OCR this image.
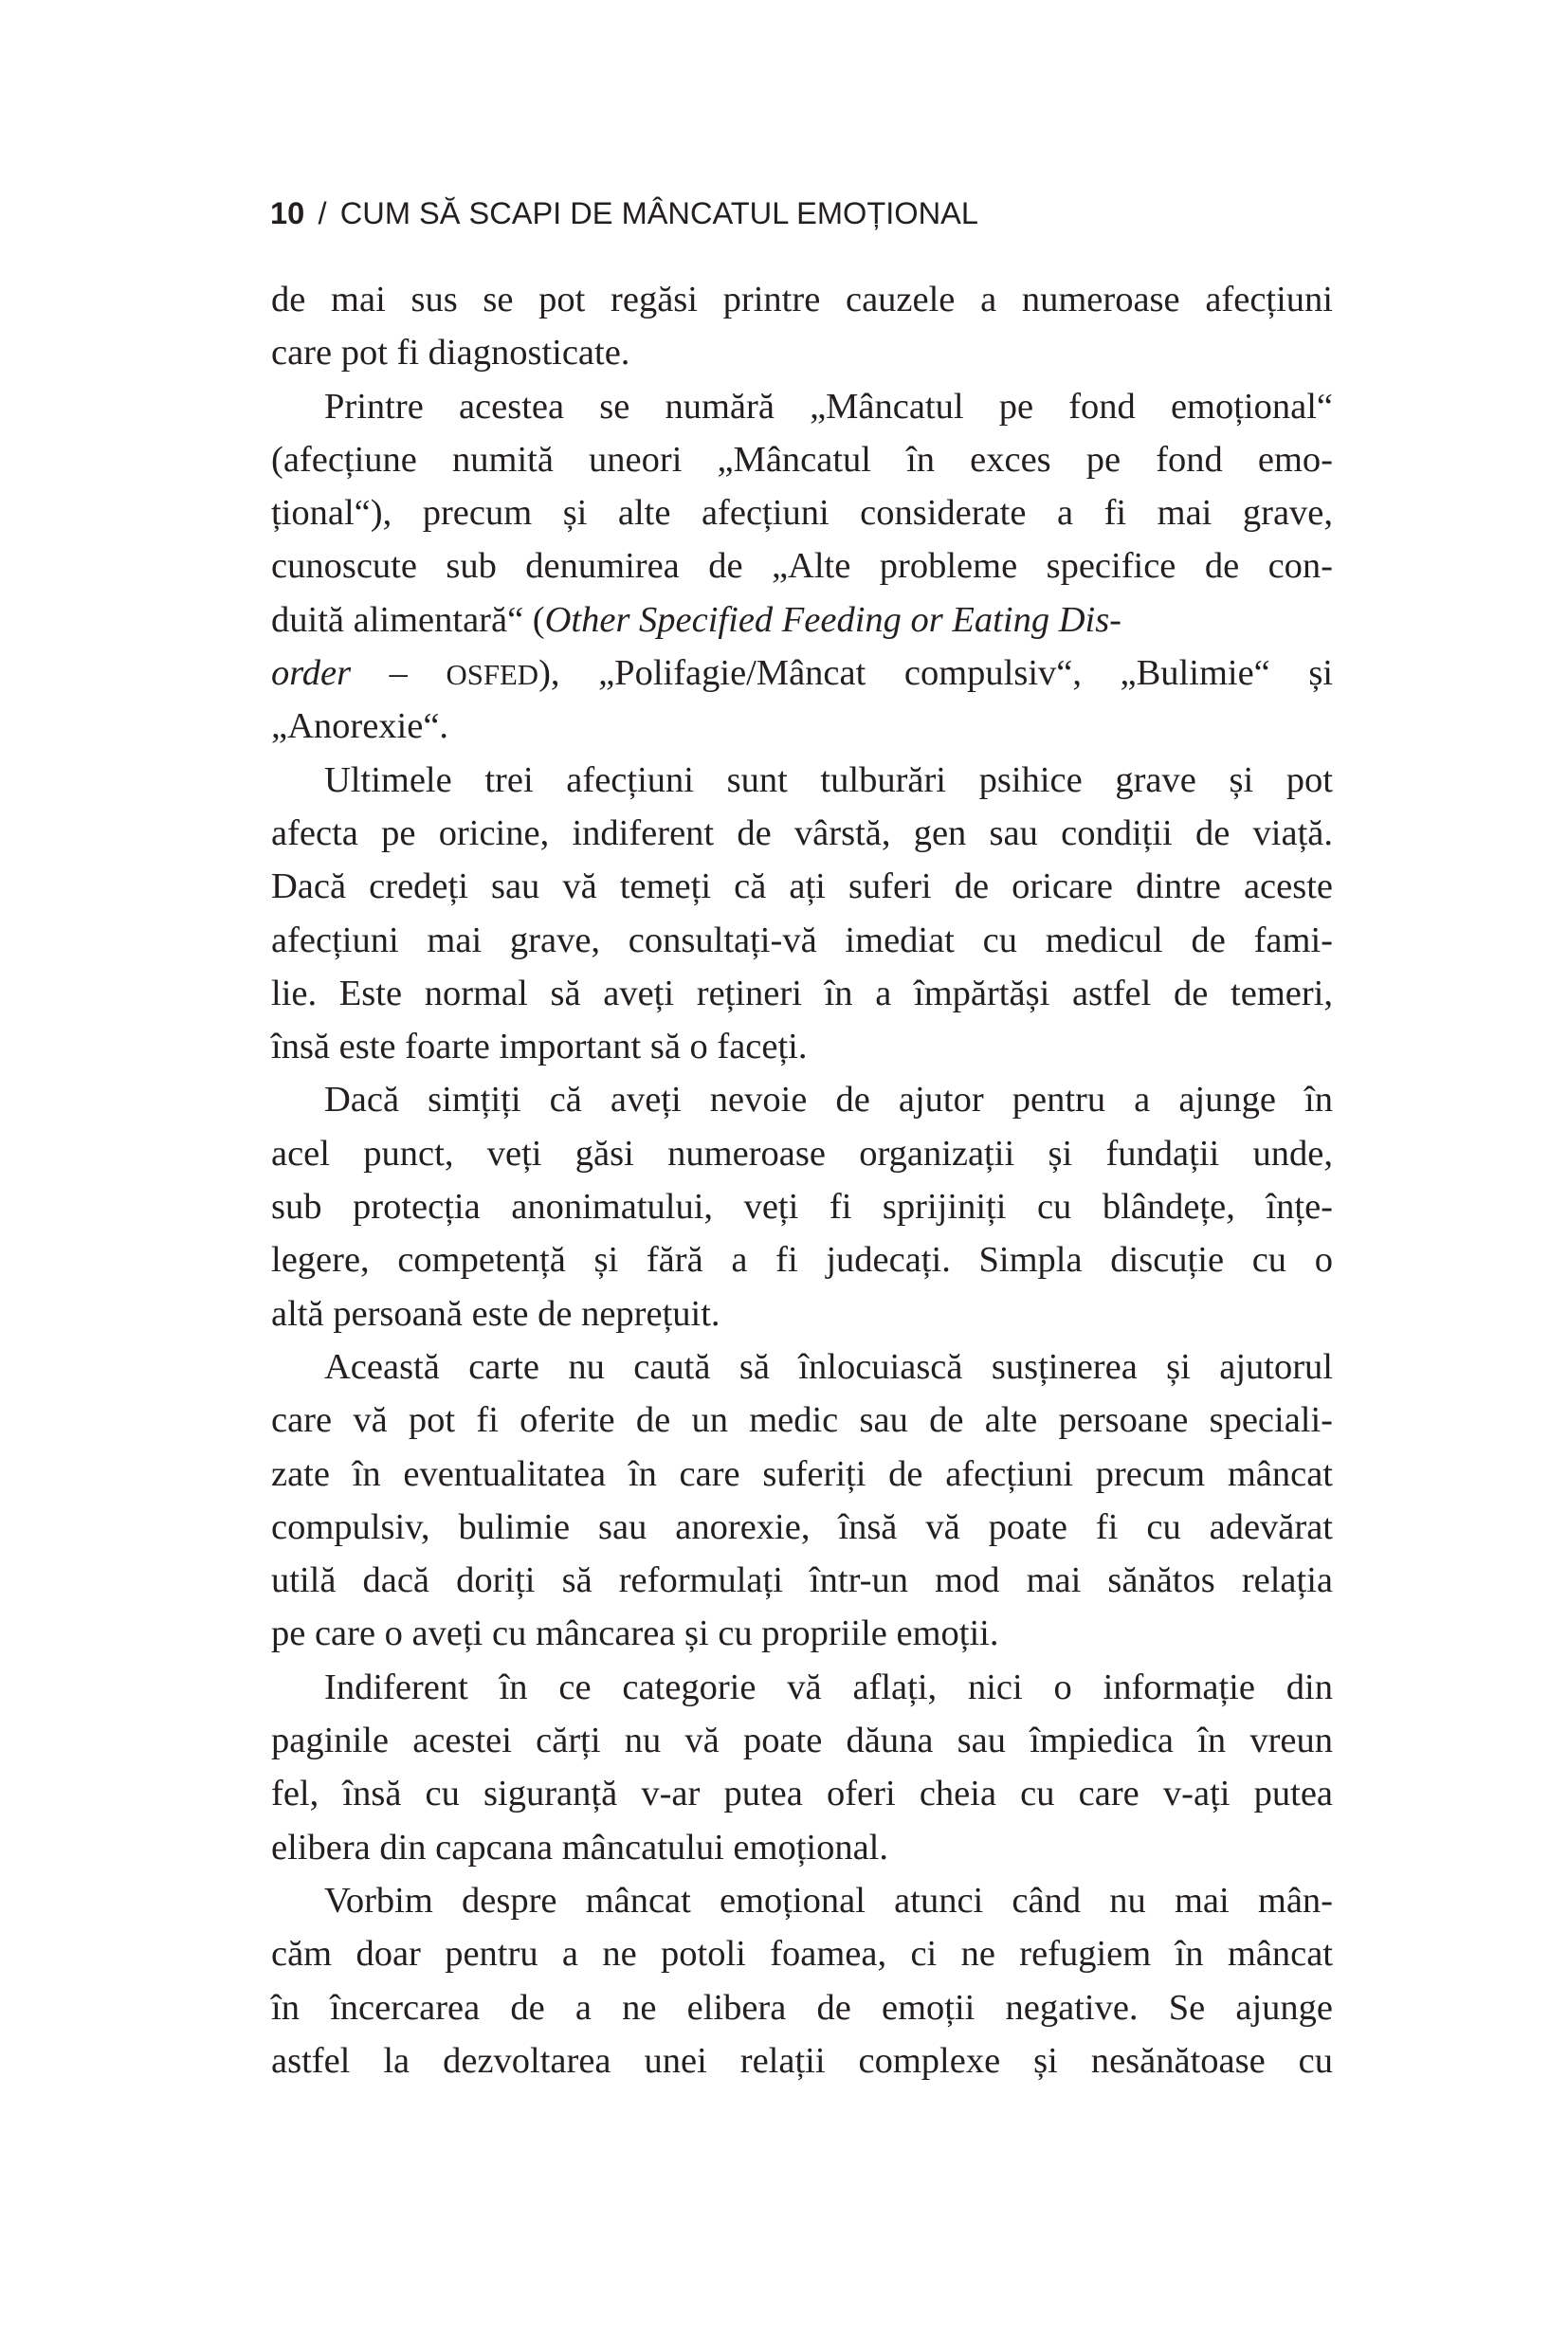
10 / CUM SĂ SCAPI DE MÂNCATUL EMOȚIONAL
de mai sus se pot regăsi printre cauzele a numeroase afecțiuni
care pot fi diagnosticate.
Printre acestea se numără „Mâncatul pe fond emoțional“
(afecțiune numită uneori „Mâncatul în exces pe fond emo-
țional“), precum și alte afecțiuni considerate a fi mai grave,
cunoscute sub denumirea de „Alte probleme specifice de con-
duită alimentară“ (Other Specified Feeding or Eating Dis-
order – OSFED), „Polifagie/Mâncat compulsiv“, „Bulimie“ și
„Anorexie“.
Ultimele trei afecțiuni sunt tulburări psihice grave și pot
afecta pe oricine, indiferent de vârstă, gen sau condiții de viață.
Dacă credeți sau vă temeți că ați suferi de oricare dintre aceste
afecțiuni mai grave, consultați-vă imediat cu medicul de fami-
lie. Este normal să aveți rețineri în a împărtăși astfel de temeri,
însă este foarte important să o faceți.
Dacă simțiți că aveți nevoie de ajutor pentru a ajunge în
acel punct, veți găsi numeroase organizații și fundații unde,
sub protecția anonimatului, veți fi sprijiniți cu blândețe, înțe-
legere, competență și fără a fi judecați. Simpla discuție cu o
altă persoană este de neprețuit.
Această carte nu caută să înlocuiască susținerea și ajutorul
care vă pot fi oferite de un medic sau de alte persoane speciali-
zate în eventualitatea în care suferiți de afecțiuni precum mâncat
compulsiv, bulimie sau anorexie, însă vă poate fi cu adevărat
utilă dacă doriți să reformulați într-un mod mai sănătos relația
pe care o aveți cu mâncarea și cu propriile emoții.
Indiferent în ce categorie vă aflați, nici o informație din
paginile acestei cărți nu vă poate dăuna sau împiedica în vreun
fel, însă cu siguranță v-ar putea oferi cheia cu care v-ați putea
elibera din capcana mâncatului emoțional.
Vorbim despre mâncat emoțional atunci când nu mai mân-
căm doar pentru a ne potoli foamea, ci ne refugiem în mâncat
în încercarea de a ne elibera de emoții negative. Se ajunge
astfel la dezvoltarea unei relații complexe și nesănătoase cu
